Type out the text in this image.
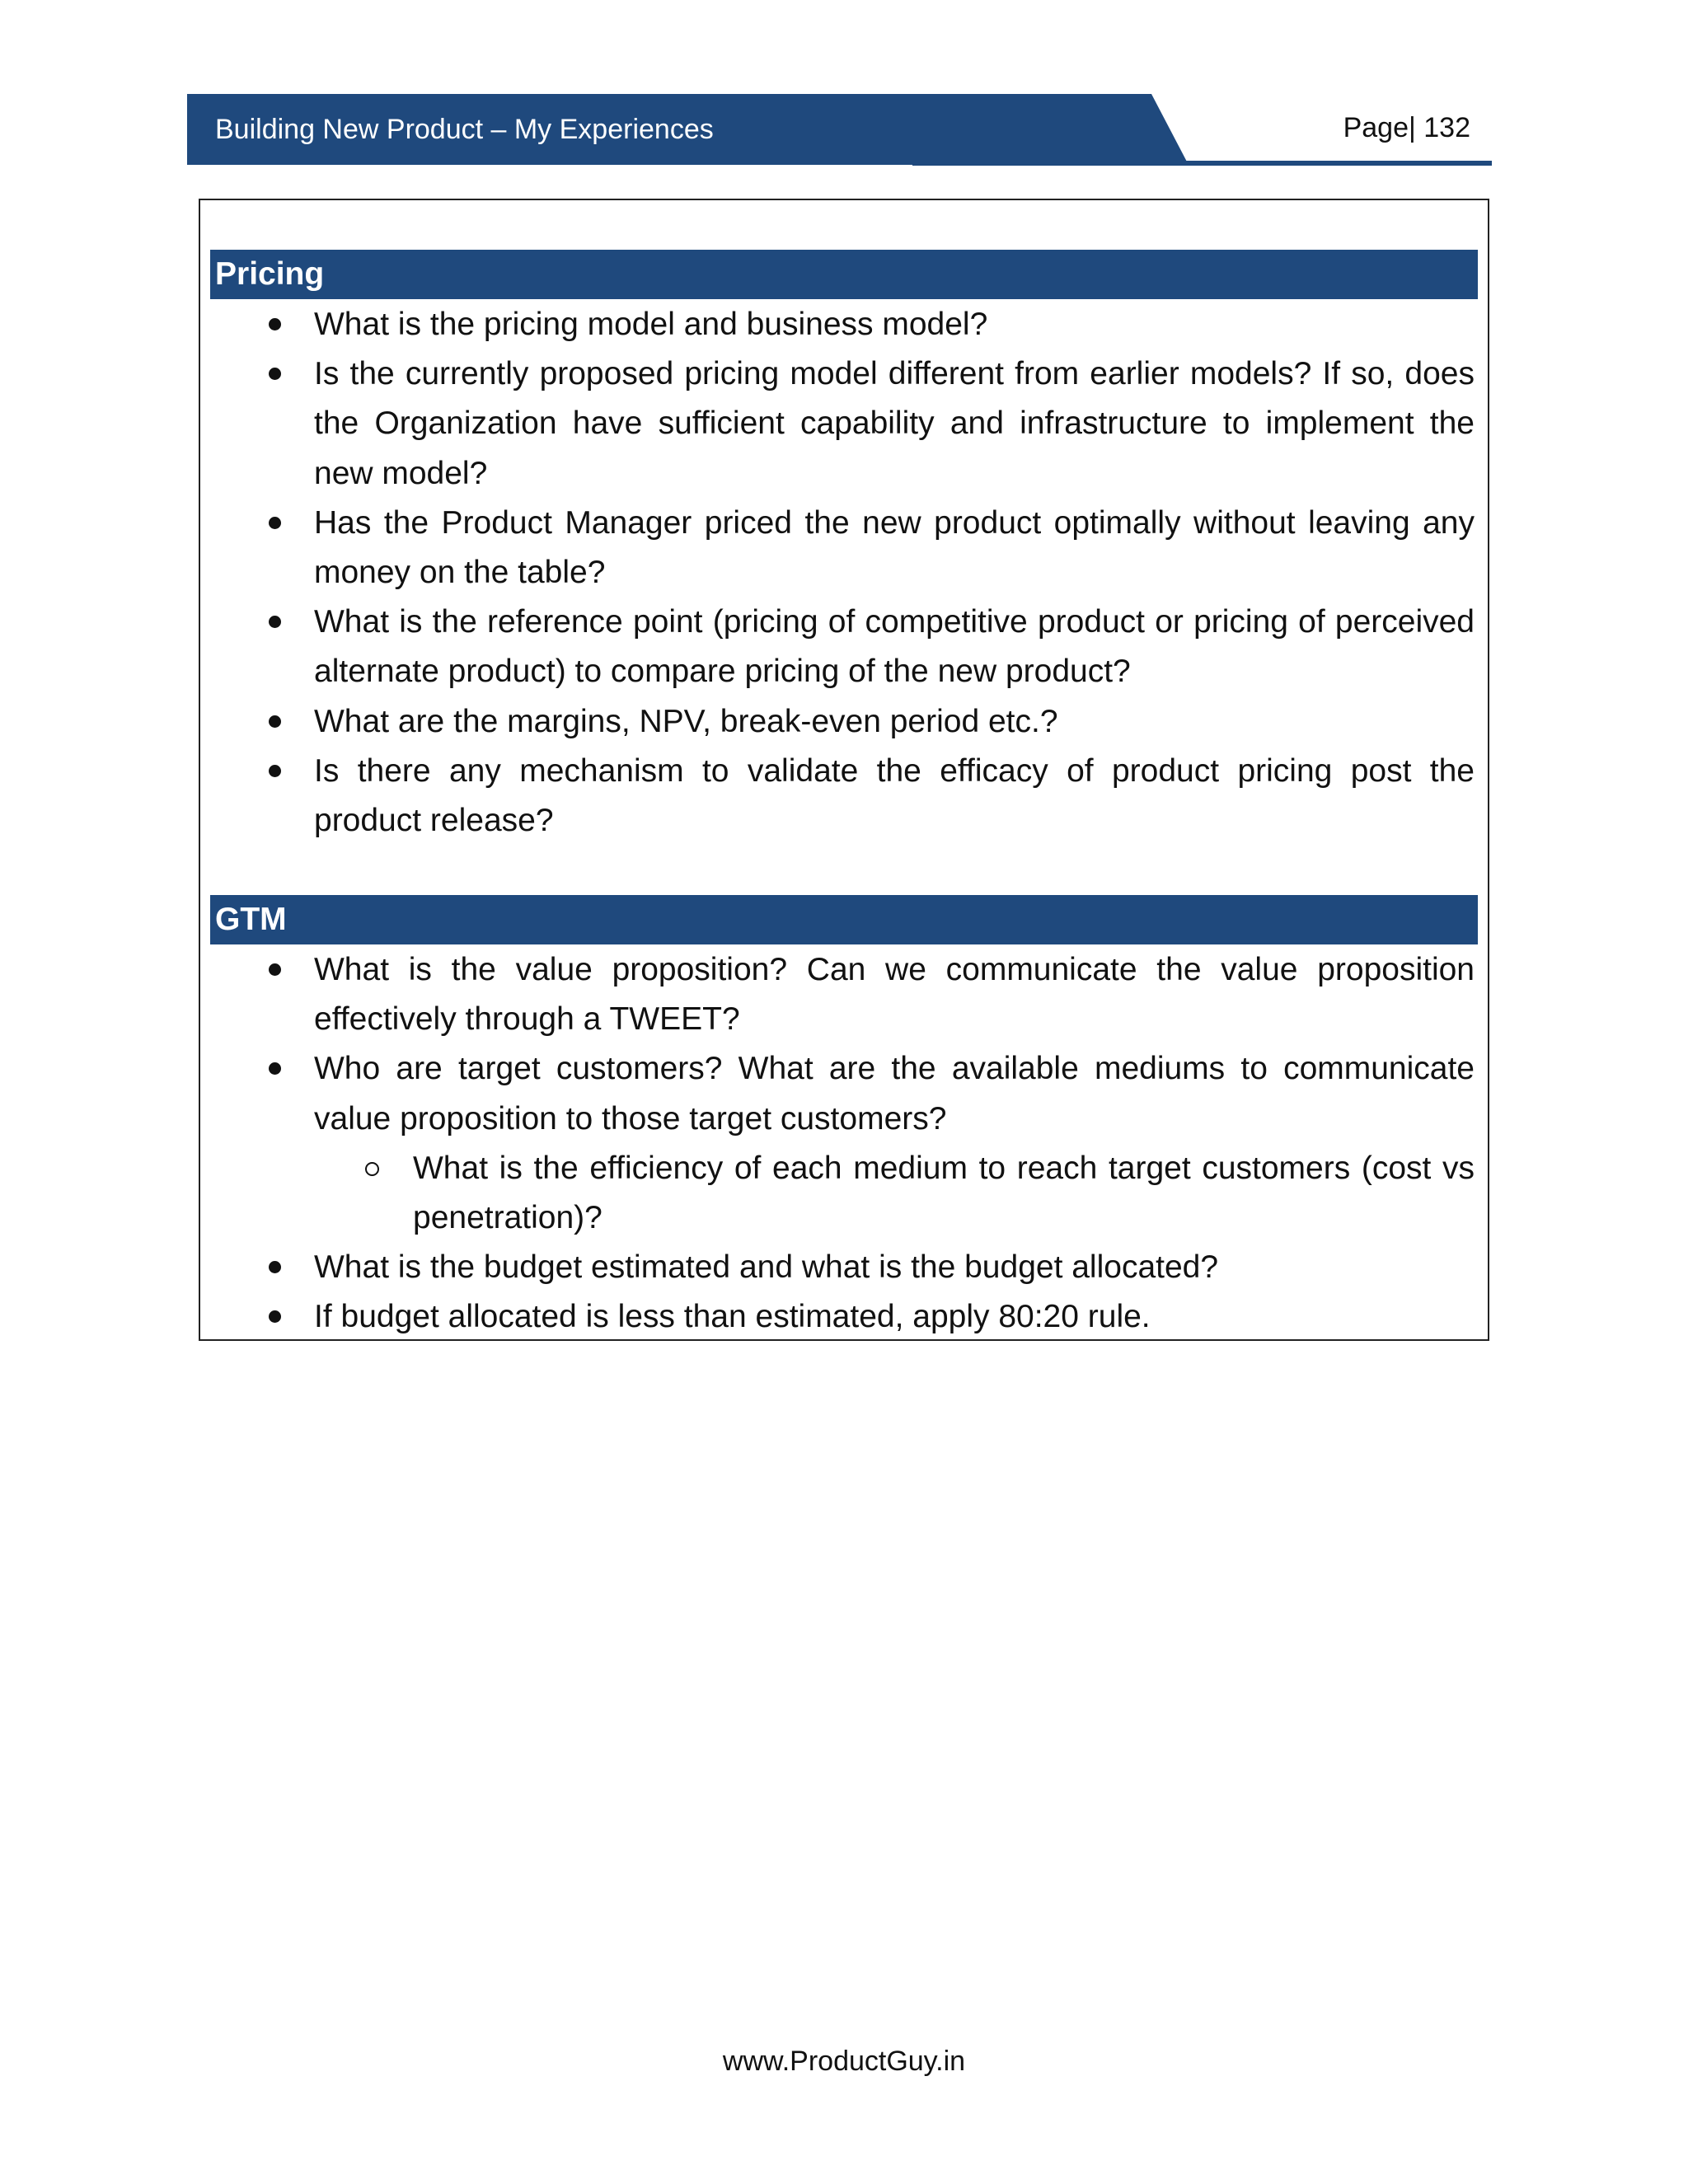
Building New Product – My Experiences	Page| 132
Pricing
What is the pricing model and business model?
Is the currently proposed pricing model different from earlier models? If so, does the Organization have sufficient capability and infrastructure to implement the new model?
Has the Product Manager priced the new product optimally without leaving any money on the table?
What is the reference point (pricing of competitive product or pricing of perceived alternate product) to compare pricing of the new product?
What are the margins, NPV, break-even period etc.?
Is there any mechanism to validate the efficacy of product pricing post the product release?
GTM
What is the value proposition? Can we communicate the value proposition effectively through a TWEET?
Who are target customers? What are the available mediums to communicate value proposition to those target customers?
What is the efficiency of each medium to reach target customers (cost vs penetration)?
What is the budget estimated and what is the budget allocated?
If budget allocated is less than estimated, apply 80:20 rule.
www.ProductGuy.in
